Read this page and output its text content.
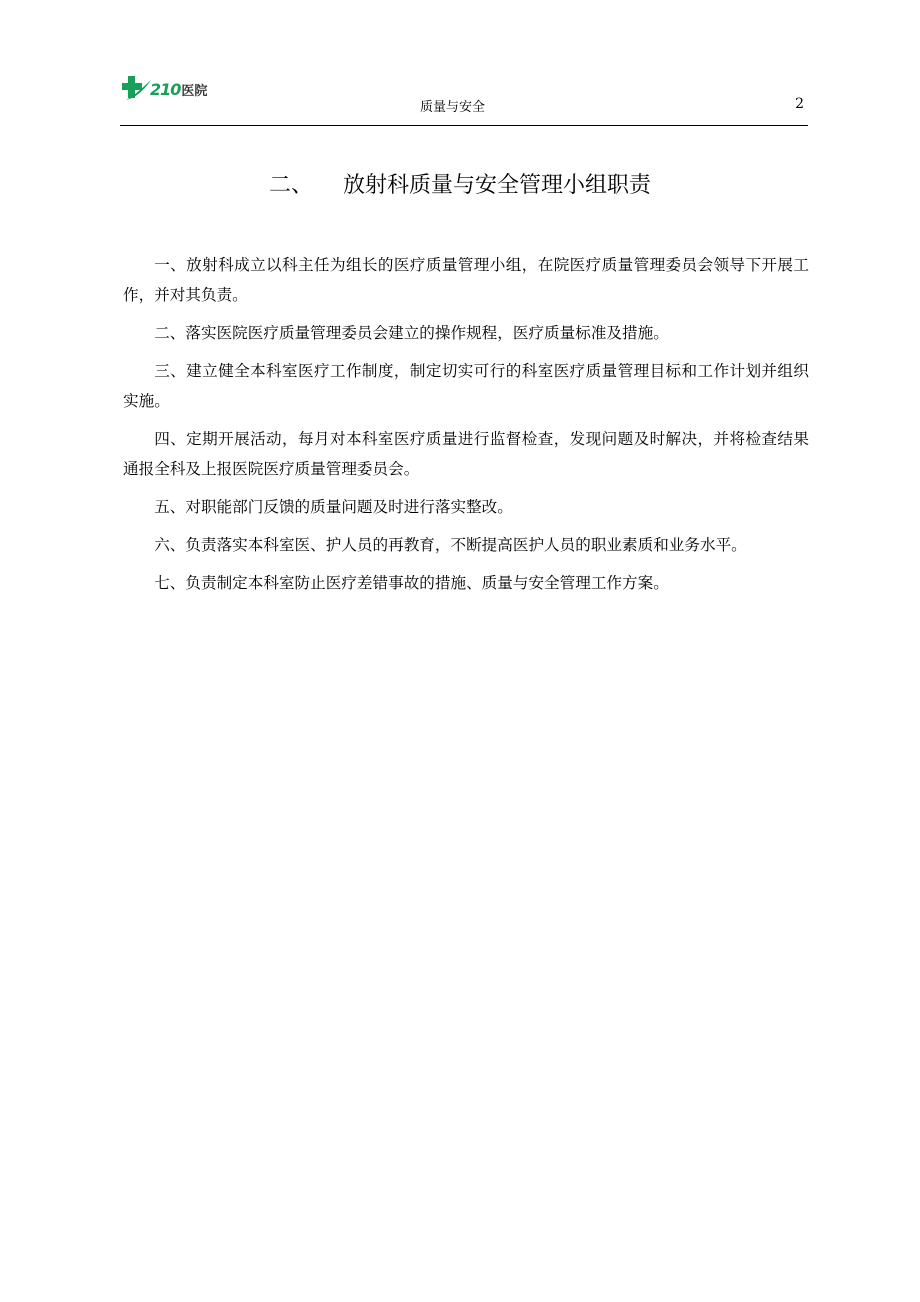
210医院
质量与安全	2
二、 放射科质量与安全管理小组职责

一、放射科成立以科主任为组长的医疗质量管理小组，在院医疗质量管理委员会领导下开展工作，并对其负责。

二、落实医院医疗质量管理委员会建立的操作规程，医疗质量标准及措施。

三、建立健全本科室医疗工作制度，制定切实可行的科室医疗质量管理目标和工作计划并组织实施。

四、定期开展活动，每月对本科室医疗质量进行监督检查，发现问题及时解决，并将检查结果通报全科及上报医院医疗质量管理委员会。

五、对职能部门反馈的质量问题及时进行落实整改。

六、负责落实本科室医、护人员的再教育，不断提高医护人员的职业素质和业务水平。

七、负责制定本科室防止医疗差错事故的措施、质量与安全管理工作方案。
